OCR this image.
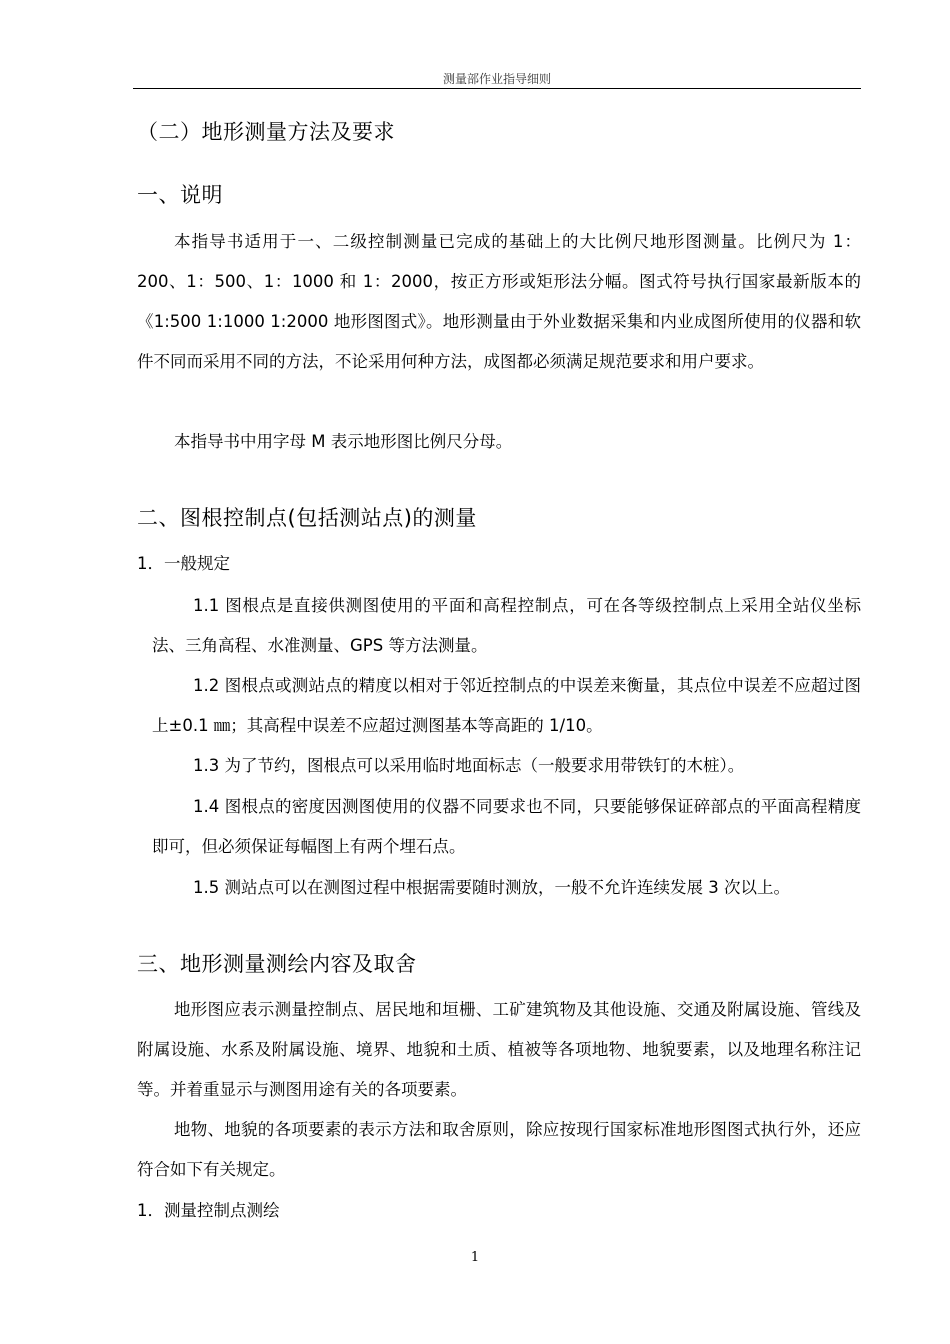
测量部作业指导细则
（二）地形测量方法及要求
一、说明

本指导书适用于一、二级控制测量已完成的基础上的大比例尺地形图测量。比例尺为 1：200、1：500、1：1000 和 1：2000，按正方形或矩形法分幅。图式符号执行国家最新版本的《1:500 1:1000 1:2000 地形图图式》。地形测量由于外业数据采集和内业成图所使用的仪器和软件不同而采用不同的方法，不论采用何种方法，成图都必须满足规范要求和用户要求。

本指导书中用字母 M 表示地形图比例尺分母。

二、图根控制点(包括测站点)的测量
1．一般规定

1.1 图根点是直接供测图使用的平面和高程控制点，可在各等级控制点上采用全站仪坐标法、三角高程、水准测量、GPS 等方法测量。

1.2 图根点或测站点的精度以相对于邻近控制点的中误差来衡量，其点位中误差不应超过图上±0.1 ㎜；其高程中误差不应超过测图基本等高距的 1/10。

1.3 为了节约，图根点可以采用临时地面标志（一般要求用带铁钉的木桩）。

1.4 图根点的密度因测图使用的仪器不同要求也不同，只要能够保证碎部点的平面高程精度即可，但必须保证每幅图上有两个埋石点。

1.5 测站点可以在测图过程中根据需要随时测放，一般不允许连续发展 3 次以上。

三、地形测量测绘内容及取舍

地形图应表示测量控制点、居民地和垣栅、工矿建筑物及其他设施、交通及附属设施、管线及附属设施、水系及附属设施、境界、地貌和土质、植被等各项地物、地貌要素，以及地理名称注记等。并着重显示与测图用途有关的各项要素。

地物、地貌的各项要素的表示方法和取舍原则，除应按现行国家标准地形图图式执行外，还应符合如下有关规定。

1．测量控制点测绘
1
